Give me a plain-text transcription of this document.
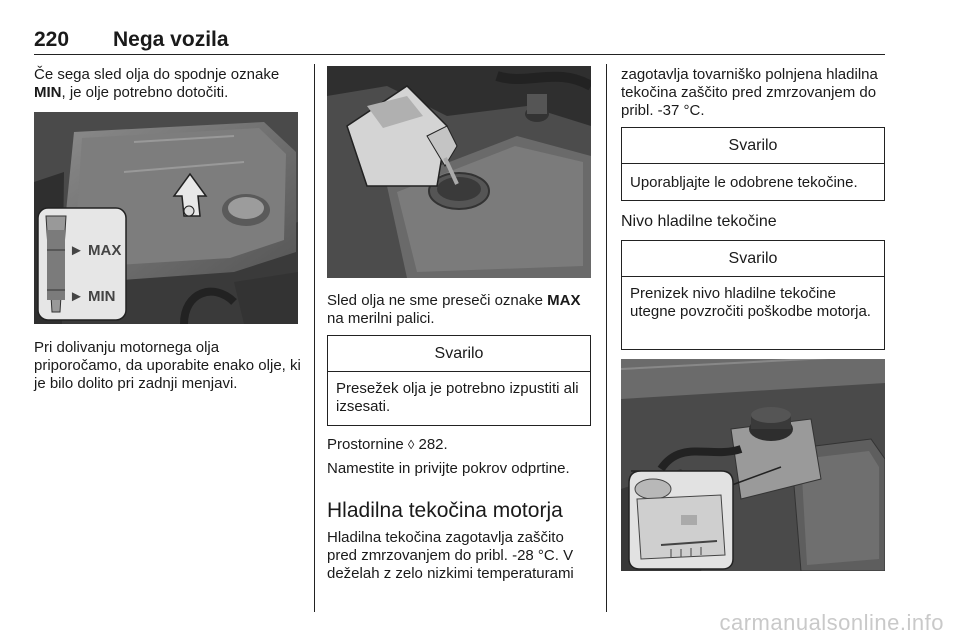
220 Nega vozila

Če sega sled olja do spodnje oznake MIN, je olje potrebno dotočiti.

► MAX
► MIN

Pri dolivanju motornega olja priporočamo, da uporabite enako olje, ki je bilo dolito pri zadnji menjavi.

Sled olja ne sme preseči oznake MAX na merilni palici.

Svarilo
Presežek olja je potrebno izpustiti ali izsesati.

Prostornine ◊ 282.

Namestite in privijte pokrov odprtine.

Hladilna tekočina motorja

Hladilna tekočina zagotavlja zaščito pred zmrzovanjem do pribl. -28 °C. V deželah z zelo nizkimi temperaturami

zagotavlja tovarniško polnjena hladilna tekočina zaščito pred zmrzovanjem do pribl. -37 °C.

Svarilo
Uporabljajte le odobrene tekočine.
Nivo hladilne tekočine
Svarilo
Prenizek nivo hladilne tekočine utegne povzročiti poškodbe motorja.
carmanualsonline.info
